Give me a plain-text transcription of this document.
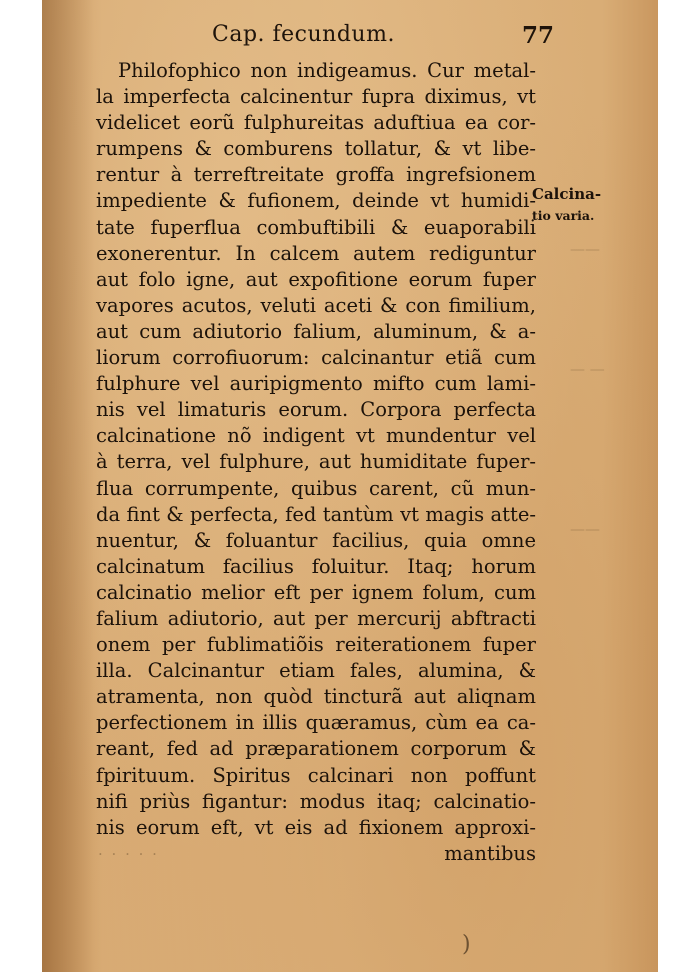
Cap. fecundum.	77
Calcina-
tio varia.
——
— —
——
Philofophico non indigeamus. Cur metal-
la imperfecta calcinentur fupra diximus, vt
videlicet eorũ fulphureitas aduftiua ea cor-
rumpens & comburens tollatur, & vt libe-
rentur à terreftreitate groffa ingrefsionem
impediente & fufionem, deinde vt humidi-
tate fuperflua combuftibili & euaporabili
exonerentur. In calcem autem rediguntur
aut folo igne, aut expofitione eorum fuper
vapores acutos, veluti aceti & con fimilium,
aut cum adiutorio falium, aluminum, & a-
liorum corrofiuorum: calcinantur etiã cum
fulphure vel auripigmento mifto cum lami-
nis vel limaturis eorum. Corpora perfecta
calcinatione nõ indigent vt mundentur vel
à terra, vel fulphure, aut humiditate fuper-
flua corrumpente, quibus carent, cũ mun-
da fint & perfecta, fed tantùm vt magis atte-
nuentur, & foluantur facilius, quia omne
calcinatum facilius foluitur. Itaq; horum
calcinatio melior eft per ignem folum, cum
falium adiutorio, aut per mercurij abftracti
onem per fublimatiõis reiterationem fuper
illa. Calcinantur etiam fales, alumina, &
atramenta, non quòd tincturã aut aliqnam
perfectionem in illis quæramus, cùm ea ca-
reant, fed ad præparationem corporum &
fpirituum. Spiritus calcinari non poffunt
nifi priùs figantur: modus itaq; calcinatio-
nis eorum eft, vt eis ad fixionem approxi-
· · · · ·	mantibus
)
